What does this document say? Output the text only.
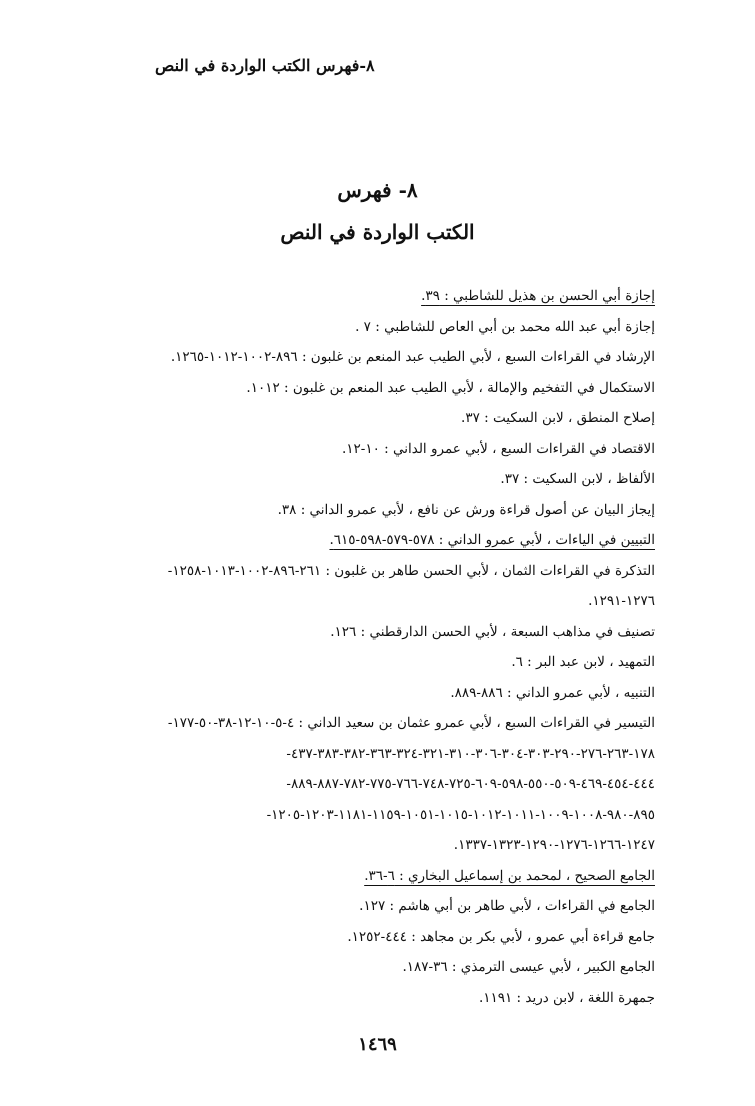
٨-فهرس الكتب الواردة في النص
٨- فهرس
الكتب الواردة في النص
إجازة أبي الحسن بن هذيل للشاطبي : ٣٩.
إجازة أبي عبد الله محمد بن أبي العاص للشاطبي : ٧ .
الإرشاد في القراءات السبع ، لأبي الطيب عبد المنعم بن غلبون : ٨٩٦-١٠٠٢-١٠١٢-١٢٦٥.
الاستكمال في التفخيم والإمالة ، لأبي الطيب عبد المنعم بن غلبون : ١٠١٢.
إصلاح المنطق ، لابن السكيت : ٣٧.
الاقتصاد في القراءات السبع ، لأبي عمرو الداني : ١٠-١٢.
الألفاظ ، لابن السكيت : ٣٧.
إيجاز البيان عن أصول قراءة ورش عن نافع ، لأبي عمرو الداني : ٣٨.
التبيين في الياءات ، لأبي عمرو الداني : ٥٧٨-٥٧٩-٥٩٨-٦١٥.
التذكرة في القراءات الثمان ، لأبي الحسن طاهر بن غلبون : ٢٦١-٨٩٦-١٠٠٢-١٠١٣-١٢٥٨-
١٢٧٦-١٢٩١.
تصنيف في مذاهب السبعة ، لأبي الحسن الدارقطني : ١٢٦.
التمهيد ، لابن عبد البر : ٦.
التنبيه ، لأبي عمرو الداني : ٨٨٦-٨٨٩.
التيسير في القراءات السبع ، لأبي عمرو عثمان بن سعيد الداني : ٤-٥-١٠-١٢-٣٨-٥٠-١٧٧-
١٧٨-٢٦٣-٢٧٦-٢٩٠-٣٠٣-٣٠٤-٣٠٦-٣١٠-٣٢١-٣٢٤-٣٦٣-٣٨٢-٣٨٣-٤٣٧-
٤٤٤-٤٥٤-٤٦٩-٥٠٩-٥٥٠-٥٩٨-٦٠٩-٧٢٥-٧٤٨-٧٦٦-٧٧٥-٧٨٢-٨٨٧-٨٨٩-
٨٩٥-٩٨٠-١٠٠٨-١٠٠٩-١٠١١-١٠١٢-١٠١٥-١٠٥١-١١٥٩-١١٨١-١٢٠٣-١٢٠٥-
١٢٤٧-١٢٦٦-١٢٧٦-١٢٩٠-١٣٢٣-١٣٣٧.
الجامع الصحيح ، لمحمد بن إسماعيل البخاري : ٦-٣٦.
الجامع في القراءات ، لأبي طاهر بن أبي هاشم : ١٢٧.
جامع قراءة أبي عمرو ، لأبي بكر بن مجاهد : ٤٤٤-١٢٥٢.
الجامع الكبير ، لأبي عيسى الترمذي : ٣٦-١٨٧.
جمهرة اللغة ، لابن دريد : ١١٩١.
١٤٦٩
